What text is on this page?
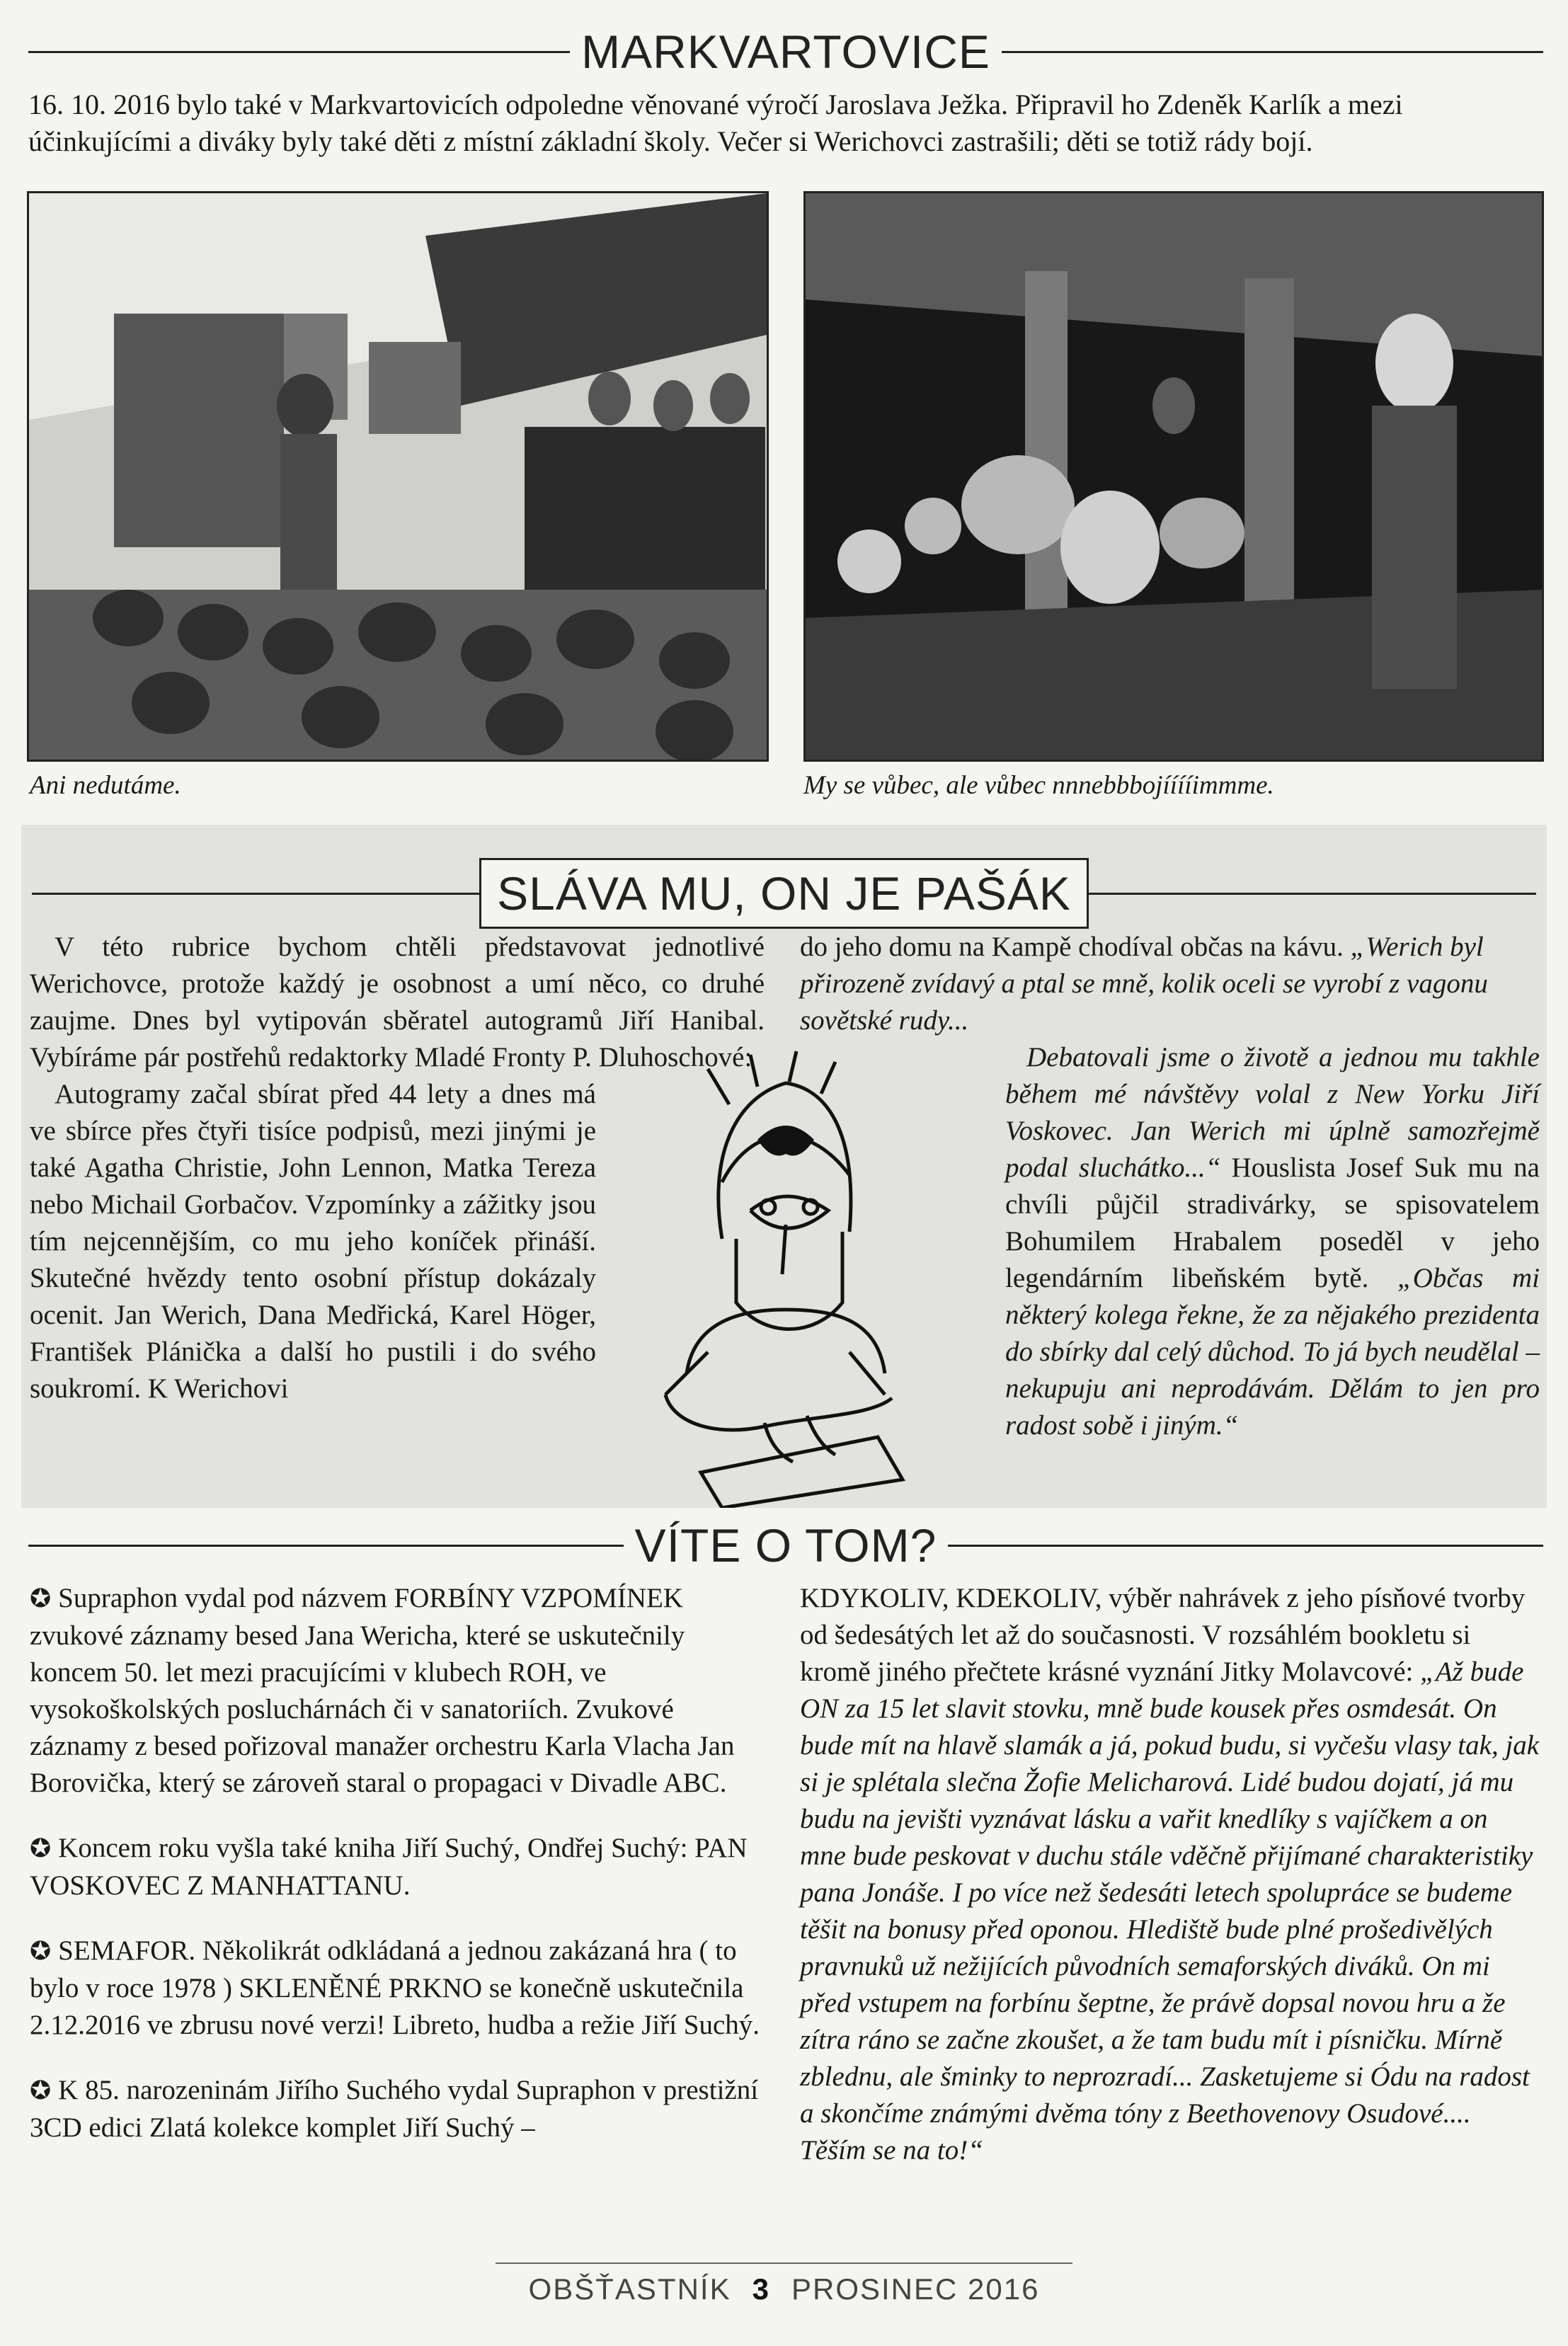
MARKVARTOVICE
16. 10. 2016 bylo také v Markvartovicích odpoledne věnované výročí Jaroslava Ježka. Připravil ho Zdeněk Karlík a mezi účinkujícími a diváky byly také děti z místní základní školy. Večer si Werichovci zastrašili; děti se totiž rády bojí.
Ani nedutáme.	My se vůbec, ale vůbec nnnebbbojííííimmme.
SLÁVA MU, ON JE PAŠÁK
V této rubrice bychom chtěli představovat jednotlivé Werichovce, protože každý je osobnost a umí něco, co druhé zaujme. Dnes byl vytipován sběratel autogramů Jiří Hanibal. Vybíráme pár postřehů redaktorky Mladé Fronty P. Dluhoschové:
Autogramy začal sbírat před 44 lety a dnes má ve sbírce přes čtyři tisíce podpisů, mezi jinými je také Agatha Christie, John Lennon, Matka Tereza nebo Michail Gorbačov. Vzpomínky a zážitky jsou tím nejcennějším, co mu jeho koníček přináší. Skutečné hvězdy tento osobní přístup dokázaly ocenit. Jan Werich, Dana Medřická, Karel Höger, František Plánička a další ho pustili i do svého soukromí. K Werichovi
do jeho domu na Kampě chodíval občas na kávu. „Werich byl přirozeně zvídavý a ptal se mně, kolik oceli se vyrobí z vagonu sovětské rudy...
Debatovali jsme o životě a jednou mu takhle během mé návštěvy volal z New Yorku Jiří Voskovec. Jan Werich mi úplně samozřejmě podal sluchátko...“ Houslista Josef Suk mu na chvíli půjčil stradivárky, se spisovatelem Bohumilem Hrabalem poseděl v jeho legendárním libeňském bytě. „Občas mi některý kolega řekne, že za nějakého prezidenta do sbírky dal celý důchod. To já bych neudělal – nekupuju ani neprodávám. Dělám to jen pro radost sobě i jiným.“
VÍTE O TOM?

✪ Supraphon vydal pod názvem FORBÍNY VZPOMÍNEK zvukové záznamy besed Jana Wericha, které se uskutečnily koncem 50. let mezi pracujícími v klubech ROH, ve vysokoškolských posluchárnách či v sanatoriích. Zvukové záznamy z besed pořizoval manažer orchestru Karla Vlacha Jan Borovička, který se zároveň staral o propagaci v Divadle ABC.

✪ Koncem roku vyšla také kniha Jiří Suchý, Ondřej Suchý: PAN VOSKOVEC Z MANHATTANU.

✪ SEMAFOR. Několikrát odkládaná a jednou zakázaná hra ( to bylo v roce 1978 ) SKLENĚNÉ PRKNO se konečně uskutečnila 2.12.2016 ve zbrusu nové verzi! Libreto, hudba a režie Jiří Suchý.

✪ K 85. narozeninám Jiřího Suchého vydal Supraphon v prestižní 3CD edici Zlatá kolekce komplet Jiří Suchý –

KDYKOLIV, KDEKOLIV, výběr nahrávek z jeho písňové tvorby od šedesátých let až do současnosti. V rozsáhlém bookletu si kromě jiného přečtete krásné vyznání Jitky Molavcové: „Až bude ON za 15 let slavit stovku, mně bude kousek přes osmdesát. On bude mít na hlavě slamák a já, pokud budu, si vyčešu vlasy tak, jak si je splétala slečna Žofie Melicharová. Lidé budou dojatí, já mu budu na jevišti vyznávat lásku a vařit knedlíky s vajíčkem a on mne bude peskovat v duchu stále vděčně přijímané charakteristiky pana Jonáše. I po více než šedesáti letech spolupráce se budeme těšit na bonusy před oponou. Hlediště bude plné prošedivělých pravnuků už nežijících původních semaforských diváků. On mi před vstupem na forbínu šeptne, že právě dopsal novou hru a že zítra ráno se začne zkoušet, a že tam budu mít i písničku. Mírně zblednu, ale šminky to neprozradí... Zasketujeme si Ódu na radost a skončíme známými dvěma tóny z Beethovenovy Osudové.... Těším se na to!“
OBŠŤASTNÍK 3 PROSINEC 2016
